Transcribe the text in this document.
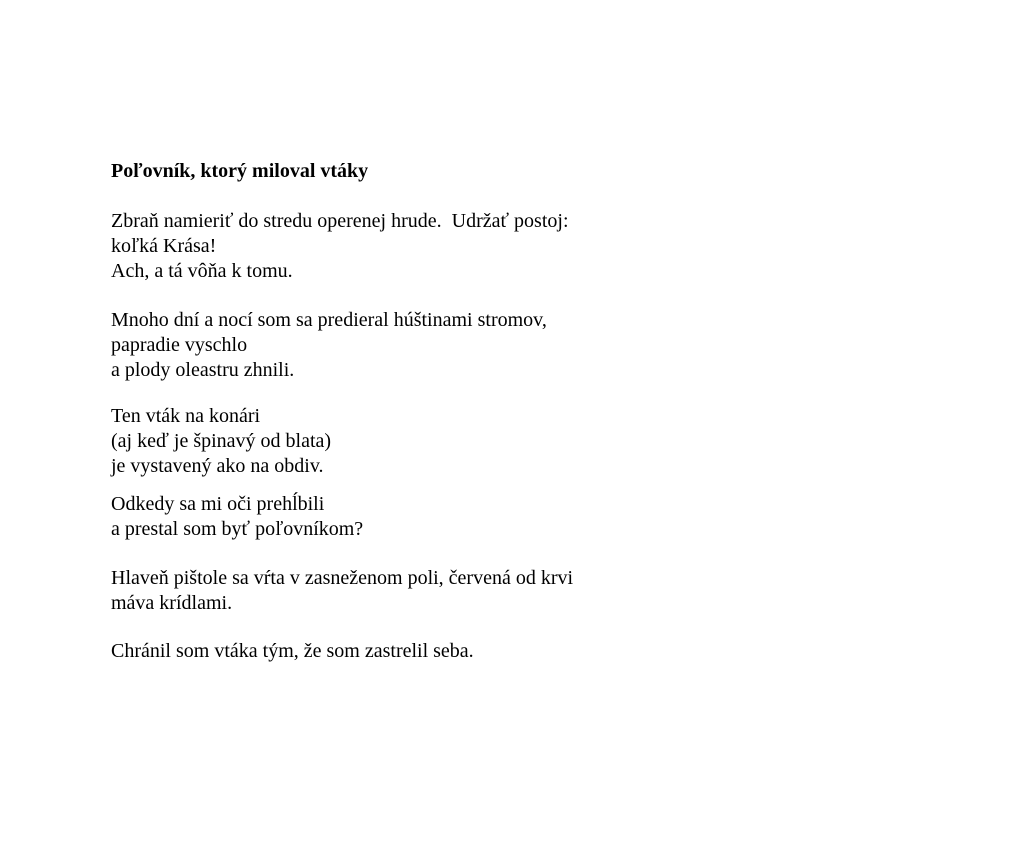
Poľovník, ktorý miloval vtáky
Zbraň namieriť do stredu operenej hrude.  Udržať postoj:
koľká Krása!
Ach, a tá vôňa k tomu.
Mnoho dní a nocí som sa predieral húštinami stromov,
papradie vyschlo
a plody oleastru zhnili.
Ten vták na konári
(aj keď je špinavý od blata)
je vystavený ako na obdiv.
Odkedy sa mi oči prehĺbili
a prestal som byť poľovníkom?
Hlaveň pištole sa vŕta v zasneženom poli, červená od krvi
máva krídlami.
Chránil som vtáka tým, že som zastrelil seba.
